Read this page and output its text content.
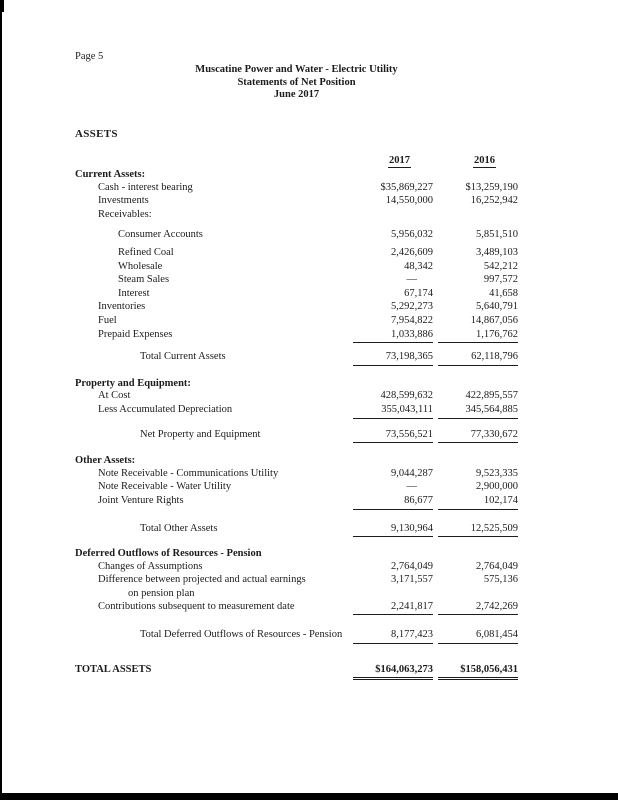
Page 5
Muscatine Power and Water - Electric Utility
Statements of Net Position
June 2017
ASSETS
2017	2016
Current Assets:
Cash - interest bearing	$35,869,227	$13,259,190
Investments	14,550,000	16,252,942
Receivables:
Consumer Accounts	5,956,032	5,851,510
Refined Coal	2,426,609	3,489,103
Wholesale	48,342	542,212
Steam Sales	—	997,572
Interest	67,174	41,658
Inventories	5,292,273	5,640,791
Fuel	7,954,822	14,867,056
Prepaid Expenses	1,033,886	1,176,762
Total Current Assets	73,198,365	62,118,796
Property and Equipment:
At Cost	428,599,632	422,895,557
Less Accumulated Depreciation	355,043,111	345,564,885
Net Property and Equipment	73,556,521	77,330,672
Other Assets:
Note Receivable - Communications Utility	9,044,287	9,523,335
Note Receivable - Water Utility	—	2,900,000
Joint Venture Rights	86,677	102,174
Total Other Assets	9,130,964	12,525,509
Deferred Outflows of Resources - Pension
Changes of Assumptions	2,764,049	2,764,049
Difference between projected and actual earnings	3,171,557	575,136
on pension plan
Contributions subsequent to measurement date	2,241,817	2,742,269
Total Deferred Outflows of Resources - Pension	8,177,423	6,081,454
TOTAL ASSETS	$164,063,273	$158,056,431
